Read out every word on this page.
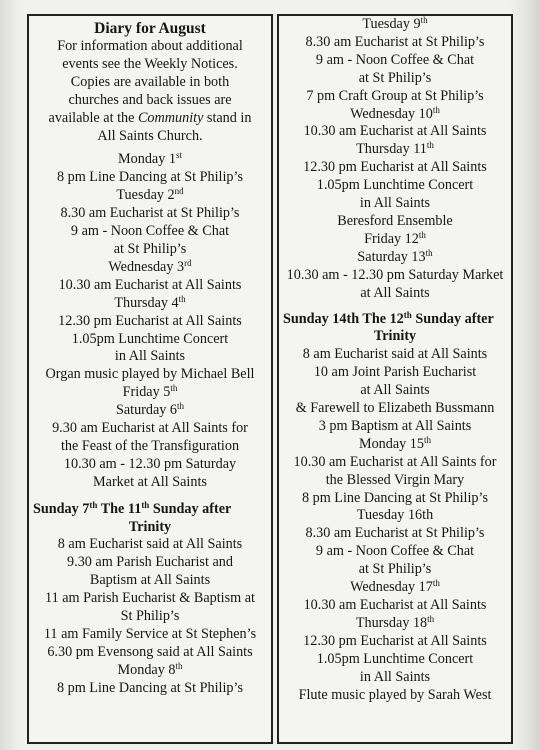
Diary for August
For information about additional
events see the Weekly Notices.
Copies are available in both
churches and back issues are
available at the Community stand in
All Saints Church.
Monday 1st
8 pm Line Dancing at St Philip’s
Tuesday 2nd
8.30 am Eucharist at St Philip’s
9 am - Noon Coffee & Chat
at St Philip’s
Wednesday 3rd
10.30 am Eucharist at All Saints
Thursday 4th
12.30 pm Eucharist at All Saints
1.05pm Lunchtime Concert
in All Saints
Organ music played by Michael Bell
Friday 5th
Saturday 6th
9.30 am Eucharist at All Saints for
the Feast of the Transfiguration
10.30 am - 12.30 pm Saturday
Market at All Saints
Sunday 7th The 11th Sunday after
Trinity
8 am Eucharist said at All Saints
9.30 am Parish Eucharist and
Baptism at All Saints
11 am Parish Eucharist & Baptism at
St Philip’s
11 am Family Service at St Stephen’s
6.30 pm Evensong said at All Saints
Monday 8th
8 pm Line Dancing at St Philip’s
Tuesday 9th
8.30 am Eucharist at St Philip’s
9 am - Noon Coffee & Chat
at St Philip’s
7 pm Craft Group at St Philip’s
Wednesday 10th
10.30 am Eucharist at All Saints
Thursday 11th
12.30 pm Eucharist at All Saints
1.05pm Lunchtime Concert
in All Saints
Beresford Ensemble
Friday 12th
Saturday 13th
10.30 am - 12.30 pm Saturday Market
at All Saints
Sunday 14th The 12th Sunday after
Trinity
8 am Eucharist said at All Saints
10 am Joint Parish Eucharist
at All Saints
& Farewell to Elizabeth Bussmann
3 pm Baptism at All Saints
Monday 15th
10.30 am Eucharist at All Saints for
the Blessed Virgin Mary
8 pm Line Dancing at St Philip’s
Tuesday 16th
8.30 am Eucharist at St Philip’s
9 am - Noon Coffee & Chat
at St Philip’s
Wednesday 17th
10.30 am Eucharist at All Saints
Thursday 18th
12.30 pm Eucharist at All Saints
1.05pm Lunchtime Concert
in All Saints
Flute music played by Sarah West
